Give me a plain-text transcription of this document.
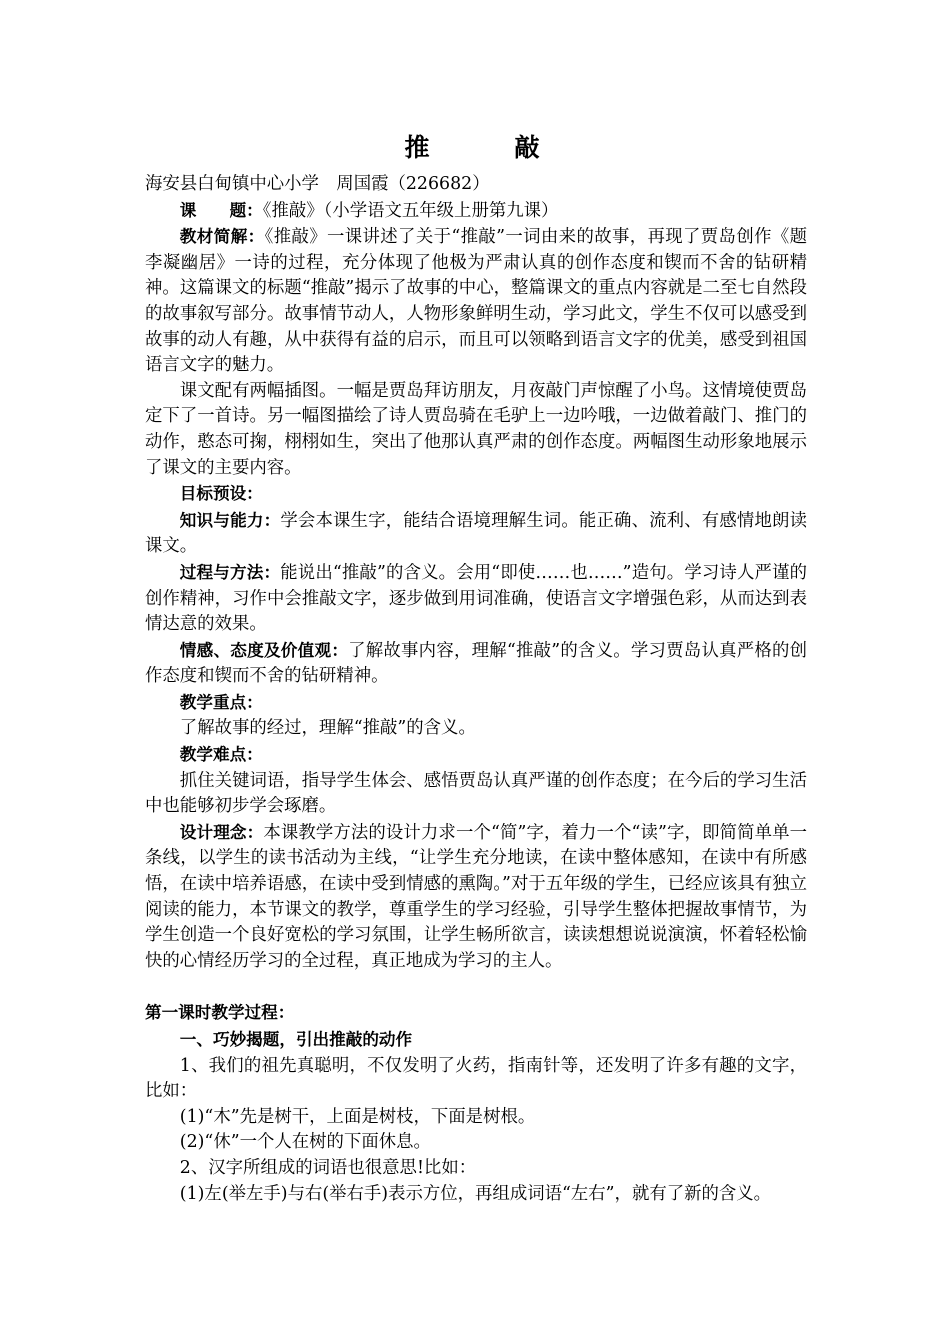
推　敲

海安县白甸镇中心小学　周国霞（226682）

课　　题：《推敲》（小学语文五年级上册第九课）

教材简解：《推敲》一课讲述了关于“推敲”一词由来的故事，再现了贾岛创作《题李凝幽居》一诗的过程，充分体现了他极为严肃认真的创作态度和锲而不舍的钻研精神。这篇课文的标题“推敲”揭示了故事的中心，整篇课文的重点内容就是二至七自然段的故事叙写部分。故事情节动人，人物形象鲜明生动，学习此文，学生不仅可以感受到故事的动人有趣，从中获得有益的启示，而且可以领略到语言文字的优美，感受到祖国语言文字的魅力。

课文配有两幅插图。一幅是贾岛拜访朋友，月夜敲门声惊醒了小鸟。这情境使贾岛定下了一首诗。另一幅图描绘了诗人贾岛骑在毛驴上一边吟哦，一边做着敲门、推门的动作，憨态可掬，栩栩如生，突出了他那认真严肃的创作态度。两幅图生动形象地展示了课文的主要内容。

目标预设：

知识与能力：学会本课生字，能结合语境理解生词。能正确、流利、有感情地朗读课文。

过程与方法：能说出“推敲”的含义。会用“即使……也……”造句。学习诗人严谨的创作精神，习作中会推敲文字，逐步做到用词准确，使语言文字增强色彩，从而达到表情达意的效果。

情感、态度及价值观：了解故事内容，理解“推敲”的含义。学习贾岛认真严格的创作态度和锲而不舍的钻研精神。

教学重点：

了解故事的经过，理解“推敲”的含义。

教学难点：

抓住关键词语，指导学生体会、感悟贾岛认真严谨的创作态度；在今后的学习生活中也能够初步学会琢磨。

设计理念：本课教学方法的设计力求一个“简”字，着力一个“读”字，即简简单单一条线，以学生的读书活动为主线，“让学生充分地读，在读中整体感知，在读中有所感悟，在读中培养语感，在读中受到情感的熏陶。”对于五年级的学生，已经应该具有独立阅读的能力，本节课文的教学，尊重学生的学习经验，引导学生整体把握故事情节，为学生创造一个良好宽松的学习氛围，让学生畅所欲言，读读想想说说演演，怀着轻松愉快的心情经历学习的全过程，真正地成为学习的主人。

第一课时教学过程：

一、巧妙揭题，引出推敲的动作

1、我们的祖先真聪明，不仅发明了火药，指南针等，还发明了许多有趣的文字，比如：

(1)“木”先是树干，上面是树枝，下面是树根。

(2)“休”一个人在树的下面休息。

2、汉字所组成的词语也很意思!比如：

(1)左(举左手)与右(举右手)表示方位，再组成词语“左右”，就有了新的含义。
